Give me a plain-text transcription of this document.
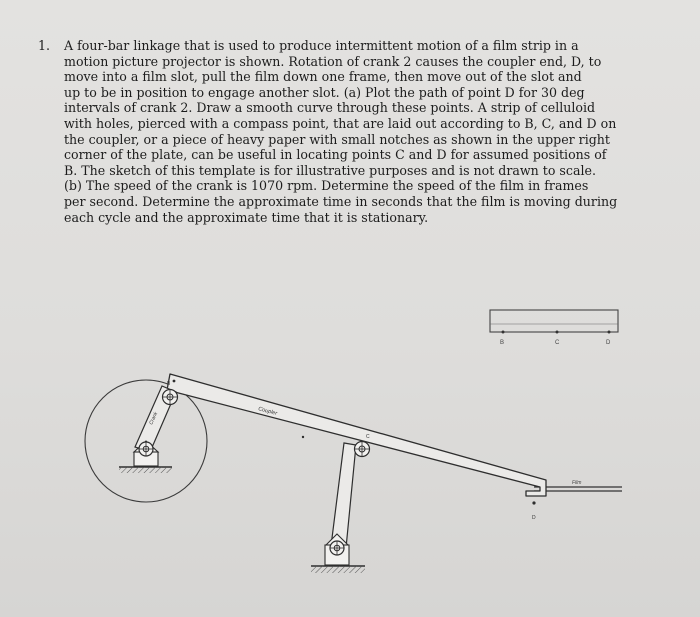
1. A four-bar linkage that is used to produce intermittent motion of a film strip in a
motion picture projector is shown. Rotation of crank 2 causes the coupler end, D, to
move into a film slot, pull the film down one frame, then move out of the slot and
up to be in position to engage another slot. (a) Plot the path of point D for 30 deg
intervals of crank 2. Draw a smooth curve through these points. A strip of celluloid
with holes, pierced with a compass point, that are laid out according to B, C, and D on
the coupler, or a piece of heavy paper with small notches as shown in the upper right
corner of the plate, can be useful in locating points C and D for assumed positions of
B. The sketch of this template is for illustrative purposes and is not drawn to scale.
(b) The speed of the crank is 1070 rpm. Determine the speed of the film in frames
per second. Determine the approximate time in seconds that the film is moving during
each cycle and the approximate time that it is stationary.
B	C	D
Film
Coupler
Crank
B
C
D
